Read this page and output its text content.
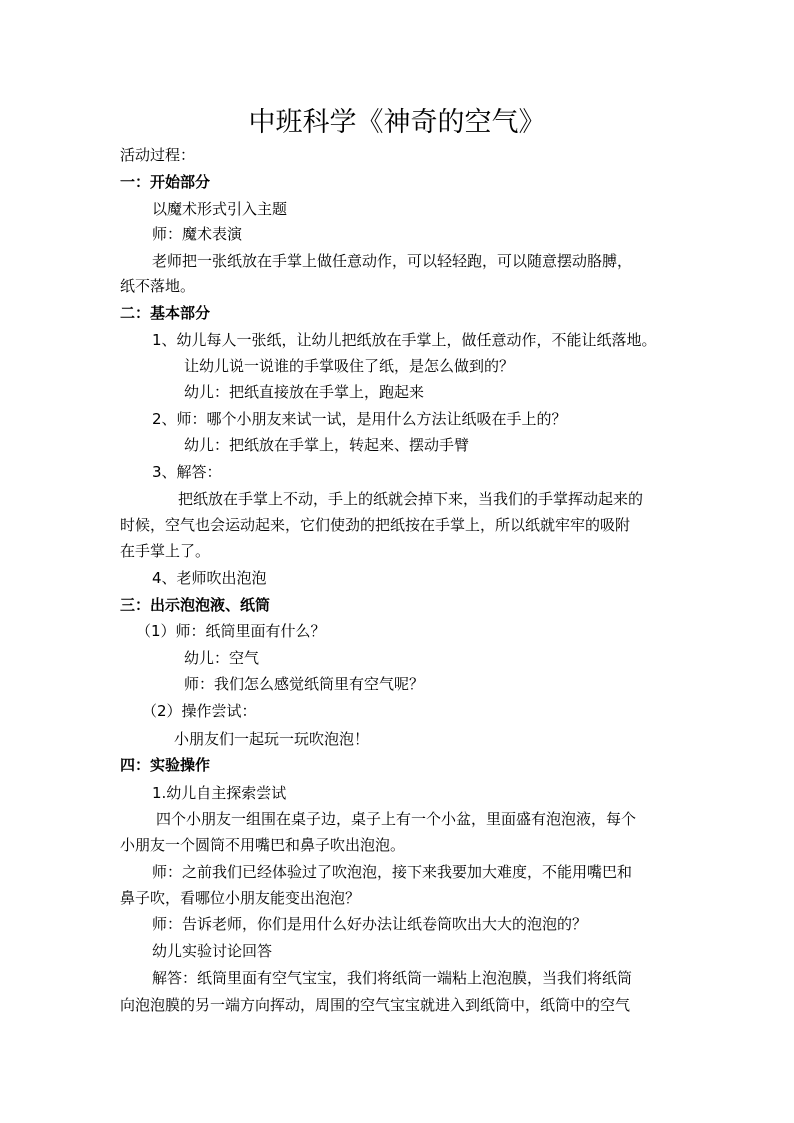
中班科学《神奇的空气》
活动过程：
一：开始部分
以魔术形式引入主题
师：魔术表演
老师把一张纸放在手掌上做任意动作，可以轻轻跑，可以随意摆动胳膊，
纸不落地。
二：基本部分
1、幼儿每人一张纸，让幼儿把纸放在手掌上，做任意动作，不能让纸落地。
让幼儿说一说谁的手掌吸住了纸，是怎么做到的？
幼儿：把纸直接放在手掌上，跑起来
2、师：哪个小朋友来试一试，是用什么方法让纸吸在手上的？
幼儿：把纸放在手掌上，转起来、摆动手臂
3、解答：
把纸放在手掌上不动，手上的纸就会掉下来，当我们的手掌挥动起来的
时候，空气也会运动起来，它们使劲的把纸按在手掌上，所以纸就牢牢的吸附
在手掌上了。
4、老师吹出泡泡
三：出示泡泡液、纸筒
（1）师：纸筒里面有什么？
幼儿：空气
师：我们怎么感觉纸筒里有空气呢？
（2）操作尝试：
小朋友们一起玩一玩吹泡泡！
四：实验操作
1.幼儿自主探索尝试
四个小朋友一组围在桌子边，桌子上有一个小盆，里面盛有泡泡液，每个
小朋友一个圆筒不用嘴巴和鼻子吹出泡泡。
师：之前我们已经体验过了吹泡泡，接下来我要加大难度，不能用嘴巴和
鼻子吹，看哪位小朋友能变出泡泡？
师：告诉老师，你们是用什么好办法让纸卷筒吹出大大的泡泡的？
幼儿实验讨论回答
解答：纸筒里面有空气宝宝，我们将纸筒一端粘上泡泡膜，当我们将纸筒
向泡泡膜的另一端方向挥动，周围的空气宝宝就进入到纸筒中，纸筒中的空气
